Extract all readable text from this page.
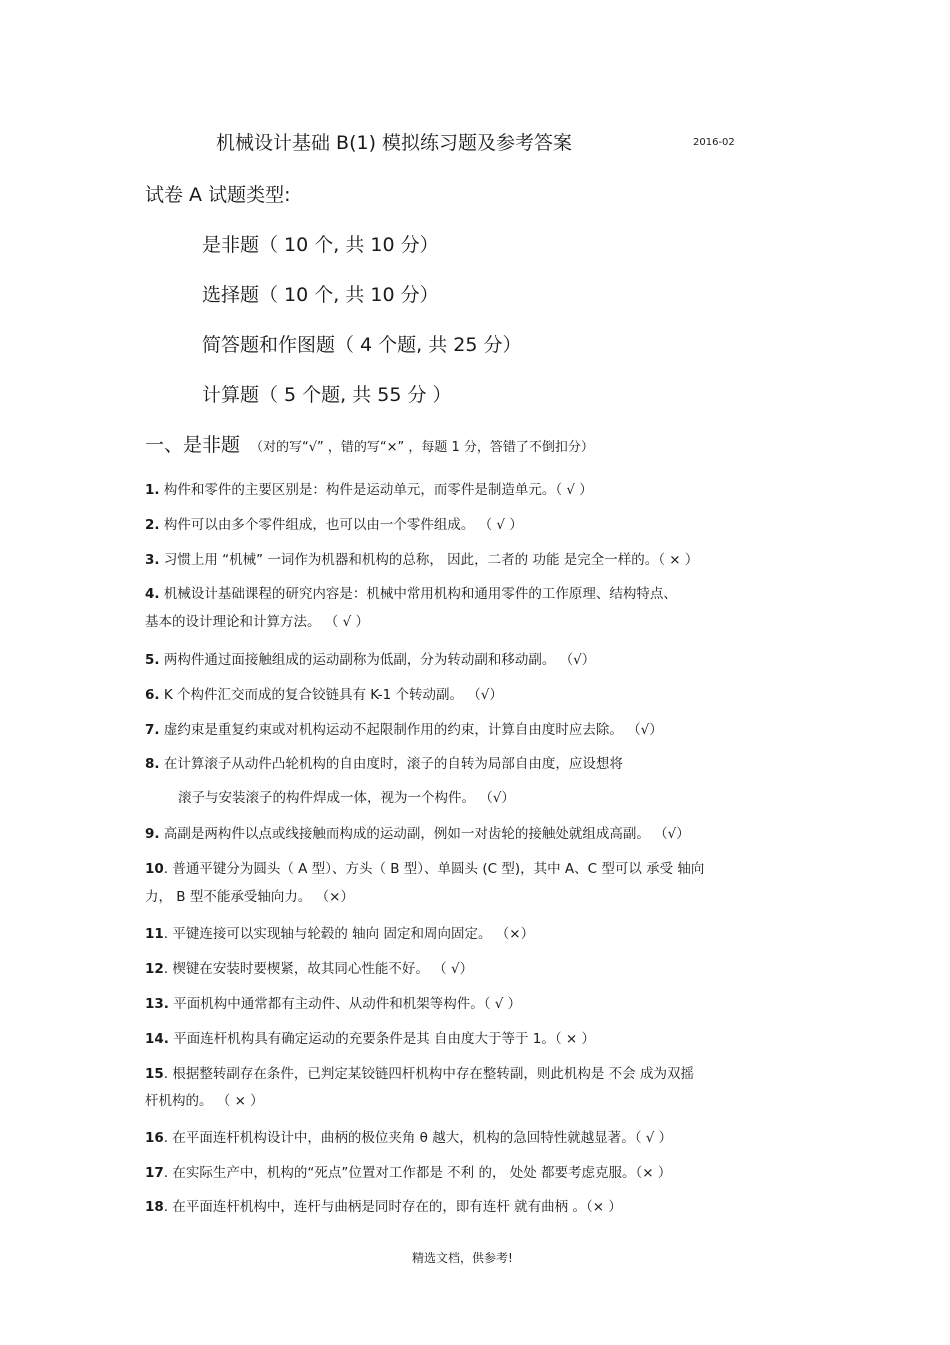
机械设计基础 B(1) 模拟练习题及参考答案	2016-02
试卷 A 试题类型:
是非题（ 10 个, 共 10 分）
选择题（ 10 个, 共 10 分）
简答题和作图题（ 4 个题, 共 25 分）
计算题（ 5 个题, 共 55 分 ）
一、是非题 （对的写“√” ，错的写“×” ，每题 1 分，答错了不倒扣分）
1. 构件和零件的主要区别是：构件是运动单元，而零件是制造单元。（ √ ）
2. 构件可以由多个零件组成，也可以由一个零件组成。 （ √ ）
3. 习惯上用 “机械” 一词作为机器和机构的总称， 因此，二者的 功能 是完全一样的。（ × ）
4. 机械设计基础课程的研究内容是：机械中常用机构和通用零件的工作原理、结构特点、
基本的设计理论和计算方法。 （ √ ）
5. 两构件通过面接触组成的运动副称为低副，分为转动副和移动副。 （√）
6. K 个构件汇交而成的复合铰链具有 K-1 个转动副。 （√）
7. 虚约束是重复约束或对机构运动不起限制作用的约束，计算自由度时应去除。 （√）
8. 在计算滚子从动件凸轮机构的自由度时，滚子的自转为局部自由度，应设想将
滚子与安装滚子的构件焊成一体，视为一个构件。 （√）
9. 高副是两构件以点或线接触而构成的运动副，例如一对齿轮的接触处就组成高副。 （√）
10. 普通平键分为圆头（ A 型）、方头（ B 型）、单圆头 (C 型)，其中 A、C 型可以 承受 轴向
力， B 型不能承受轴向力。 （×）
11. 平键连接可以实现轴与轮毂的 轴向 固定和周向固定。 （×）
12. 楔键在安装时要楔紧，故其同心性能不好。 （ √）
13. 平面机构中通常都有主动件、从动件和机架等构件。（ √ ）
14. 平面连杆机构具有确定运动的充要条件是其 自由度大于等于 1。（ × ）
15. 根据整转副存在条件，已判定某铰链四杆机构中存在整转副，则此机构是 不会 成为双摇
杆机构的。 （ × ）
16. 在平面连杆机构设计中，曲柄的极位夹角 θ 越大，机构的急回特性就越显著。（ √ ）
17. 在实际生产中，机构的“死点”位置对工作都是 不利 的， 处处 都要考虑克服。（× ）
18. 在平面连杆机构中，连杆与曲柄是同时存在的，即有连杆 就有曲柄 。（× ）
精选文档，供参考!
